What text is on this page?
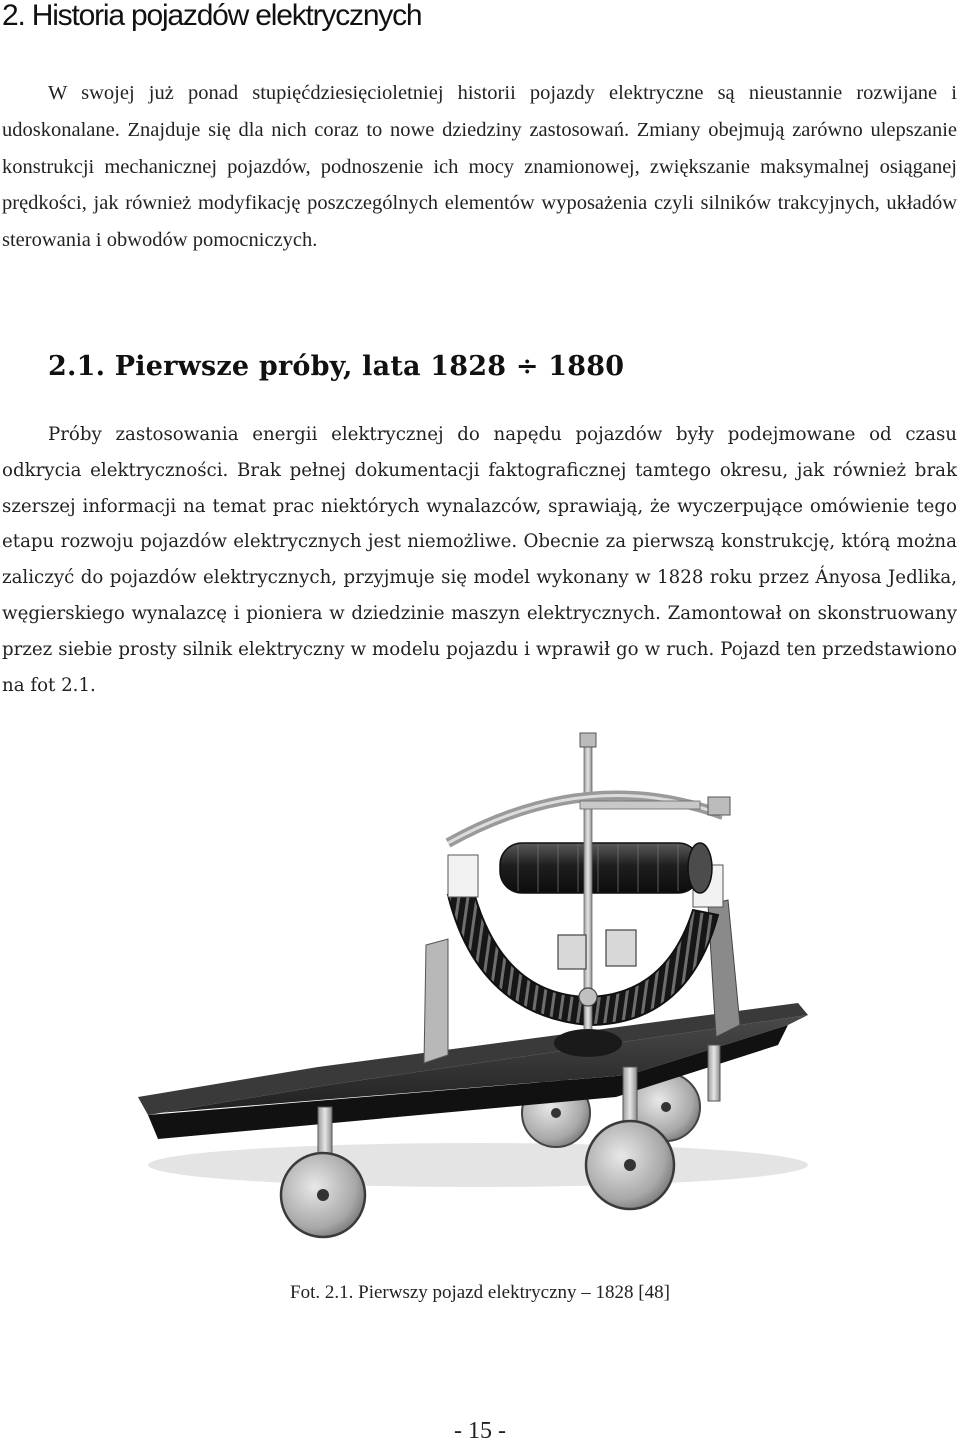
2. Historia pojazdów elektrycznych

W swojej już ponad stupięćdziesięcioletniej historii pojazdy elektryczne są nieustannie rozwijane i udoskonalane. Znajduje się dla nich coraz to nowe dziedziny zastosowań. Zmiany obejmują zarówno ulepszanie konstrukcji mechanicznej pojazdów, podnoszenie ich mocy znamionowej, zwiększanie maksymalnej osiąganej prędkości, jak również modyfikację poszczególnych elementów wyposażenia czyli silników trakcyjnych, układów sterowania i obwodów pomocniczych.

2.1. Pierwsze próby, lata 1828 ÷ 1880

Próby zastosowania energii elektrycznej do napędu pojazdów były podejmowane od czasu odkrycia elektryczności. Brak pełnej dokumentacji faktograficznej tamtego okresu, jak również brak szerszej informacji na temat prac niektórych wynalazców, sprawiają, że wyczerpujące omówienie tego etapu rozwoju pojazdów elektrycznych jest niemożliwe. Obecnie za pierwszą konstrukcję, którą można zaliczyć do pojazdów elektrycznych, przyjmuje się model wykonany w 1828 roku przez Ányosa Jedlika, węgierskiego wynalazcę i pioniera w dziedzinie maszyn elektrycznych. Zamontował on skonstruowany przez siebie prosty silnik elektryczny w modelu pojazdu i wprawił go w ruch. Pojazd ten przedstawiono na fot 2.1.

Fot. 2.1. Pierwszy pojazd elektryczny – 1828 [48]

- 15 -
